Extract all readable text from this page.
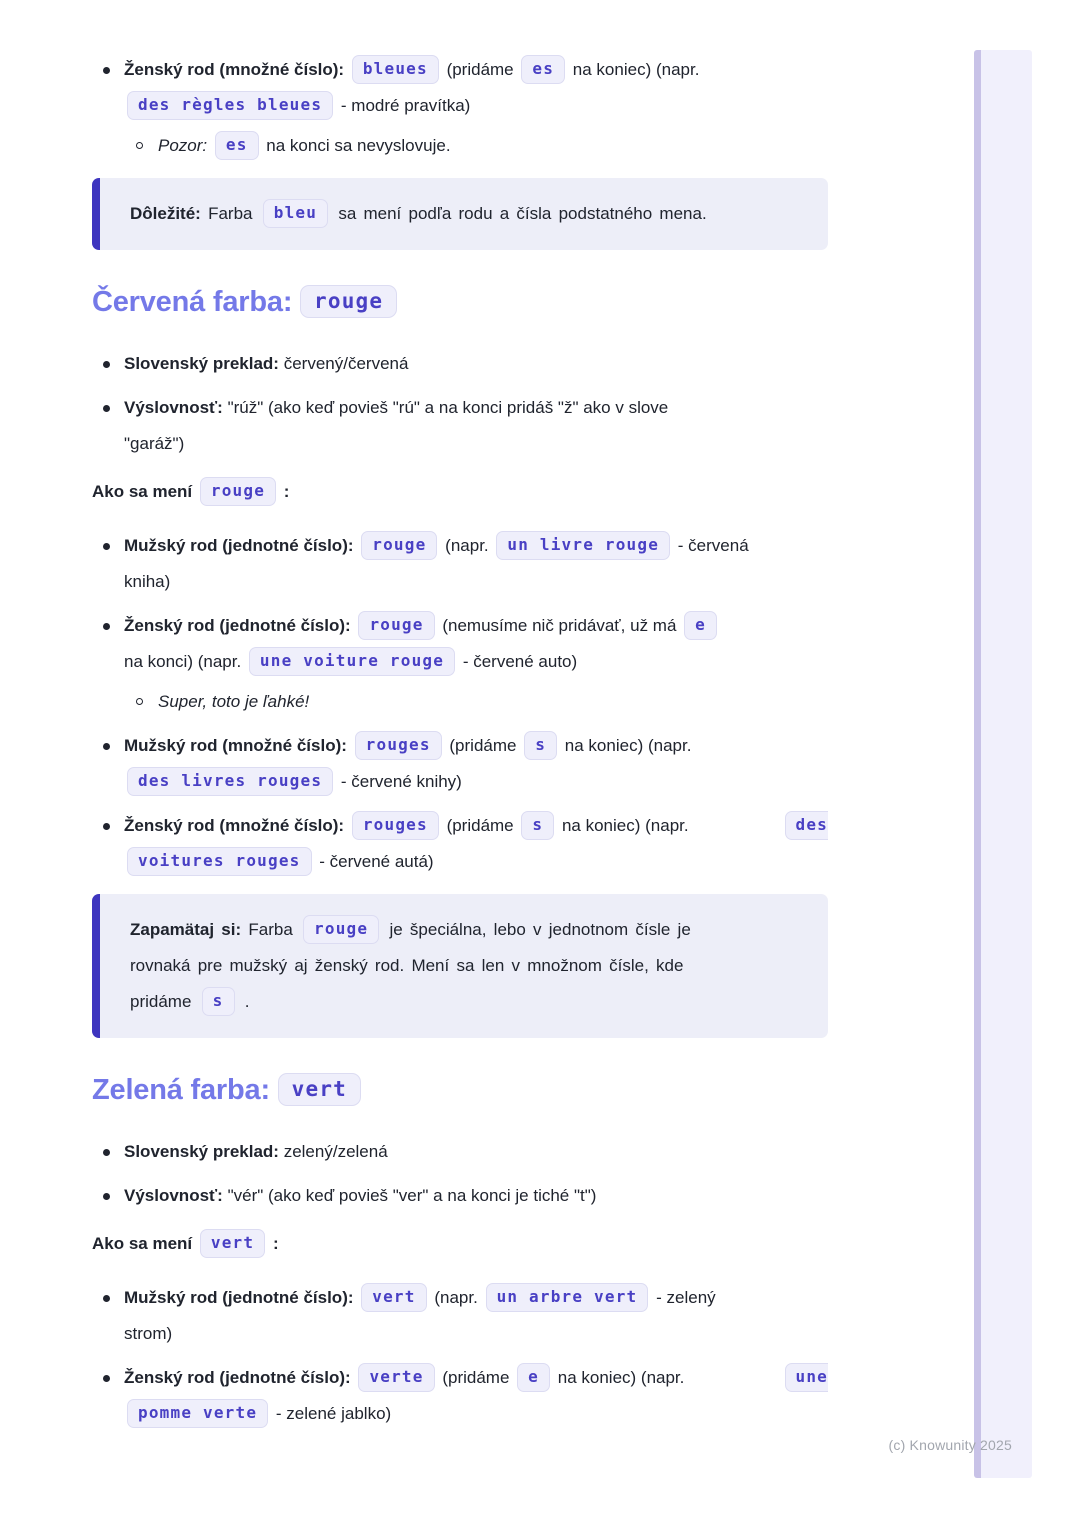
Ženský rod (množné číslo): bleues (pridáme es na koniec) (napr.
des règles bleues - modré pravítka)
Pozor: es na konci sa nevyslovuje.
Dôležité: Farba bleu sa mení podľa rodu a čísla podstatného mena.
Červená farba: rouge
Slovenský preklad: červený/červená
Výslovnosť: "rúž" (ako keď povieš "rú" a na konci pridáš "ž" ako v slove
"garáž")
Ako sa mení rouge :
Mužský rod (jednotné číslo): rouge (napr. un livre rouge - červená
kniha)
Ženský rod (jednotné číslo): rouge (nemusíme nič pridávať, už má e
na konci) (napr. une voiture rouge - červené auto)
Super, toto je ľahké!
Mužský rod (množné číslo): rouges (pridáme s na koniec) (napr.
des livres rouges - červené knihy)
Ženský rod (množné číslo): rouges (pridáme s na koniec) (napr.	des
voitures rouges - červené autá)
Zapamätaj si: Farba rouge je špeciálna, lebo v jednotnom čísle je
rovnaká pre mužský aj ženský rod. Mení sa len v množnom čísle, kde
pridáme s .
Zelená farba: vert
Slovenský preklad: zelený/zelená
Výslovnosť: "vér" (ako keď povieš "ver" a na konci je tiché "t")
Ako sa mení vert :
Mužský rod (jednotné číslo): vert (napr. un arbre vert - zelený
strom)
Ženský rod (jednotné číslo): verte (pridáme e na koniec) (napr.	une
pomme verte - zelené jablko)
(c) Knowunity 2025
